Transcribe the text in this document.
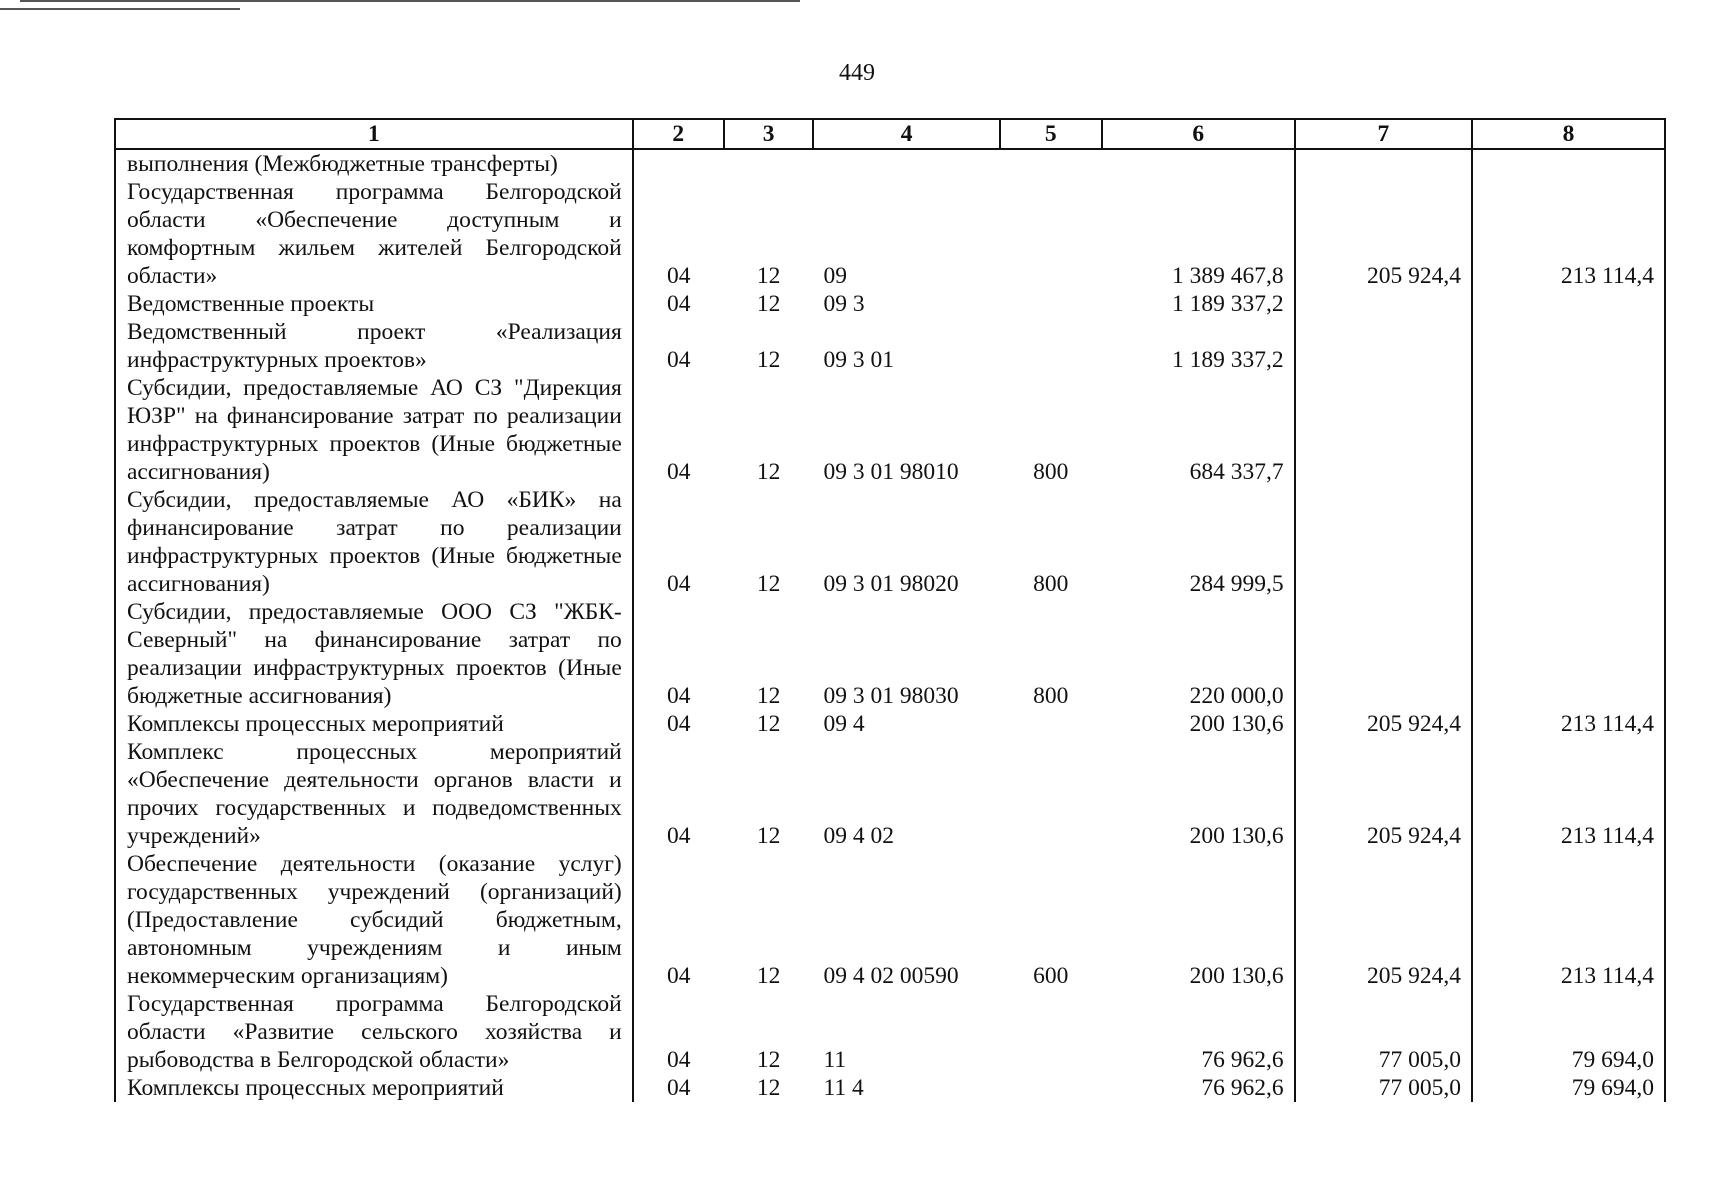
449
1	2	3	4	5	6	7	8
выполнения (Межбюджетные трансферты)							
Государственная программа Белгородской области «Обеспечение доступным и комфортным жильем жителей Белгородской области»	04	12	09		1 389 467,8	205 924,4	213 114,4
Ведомственные проекты	04	12	09 3		1 189 337,2		
Ведомственный проект «Реализация инфраструктурных проектов»	04	12	09 3 01		1 189 337,2		
Субсидии, предоставляемые АО СЗ "Дирекция ЮЗР" на финансирование затрат по реализации инфраструктурных проектов (Иные бюджетные ассигнования)	04	12	09 3 01 98010	800	684 337,7		
Субсидии, предоставляемые АО «БИК» на финансирование затрат по реализации инфраструктурных проектов (Иные бюджетные ассигнования)	04	12	09 3 01 98020	800	284 999,5		
Субсидии, предоставляемые ООО СЗ "ЖБК-Северный" на финансирование затрат по реализации инфраструктурных проектов (Иные бюджетные ассигнования)	04	12	09 3 01 98030	800	220 000,0		
Комплексы процессных мероприятий	04	12	09 4		200 130,6	205 924,4	213 114,4
Комплекс процессных мероприятий «Обеспечение деятельности органов власти и прочих государственных и подведомственных учреждений»	04	12	09 4 02		200 130,6	205 924,4	213 114,4
Обеспечение деятельности (оказание услуг) государственных учреждений (организаций) (Предоставление субсидий бюджетным, автономным учреждениям и иным некоммерческим организациям)	04	12	09 4 02 00590	600	200 130,6	205 924,4	213 114,4
Государственная программа Белгородской области «Развитие сельского хозяйства и рыбоводства в Белгородской области»	04	12	11		76 962,6	77 005,0	79 694,0
Комплексы процессных мероприятий	04	12	11 4		76 962,6	77 005,0	79 694,0
